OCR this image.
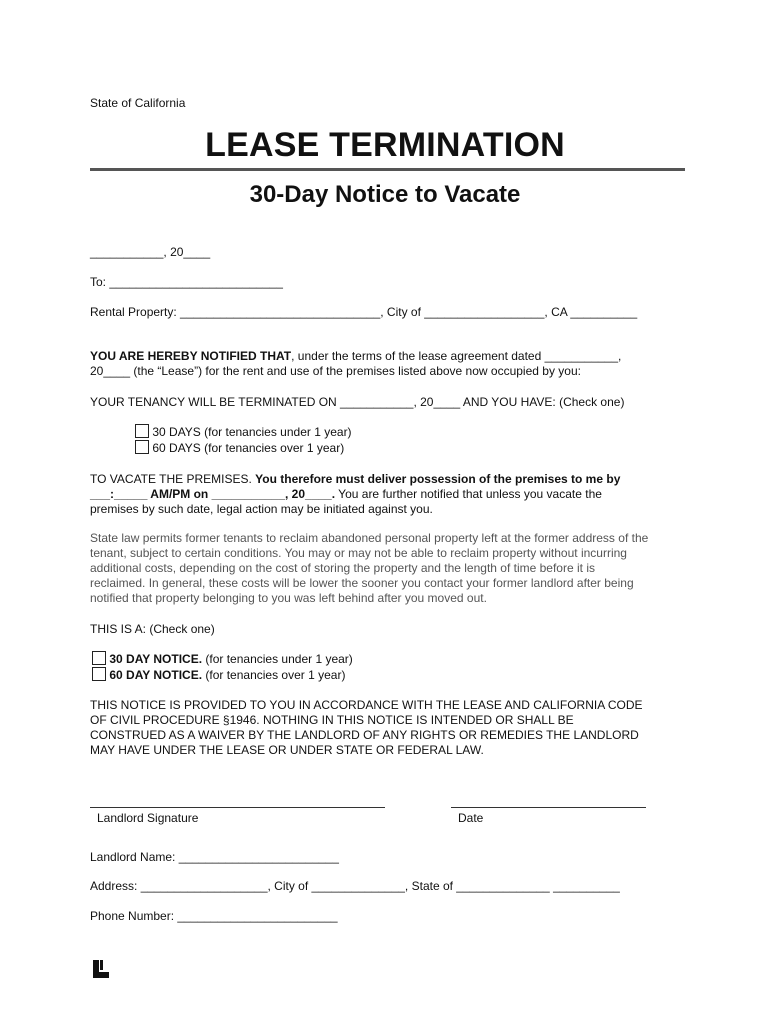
State of California
LEASE TERMINATION
30-Day Notice to Vacate
___________, 20____
To: __________________________
Rental Property: ______________________________, City of __________________, CA __________
YOU ARE HEREBY NOTIFIED THAT, under the terms of the lease agreement dated ___________,
20____ (the “Lease”) for the rent and use of the premises listed above now occupied by you:
YOUR TENANCY WILL BE TERMINATED ON ___________, 20____ AND YOU HAVE: (Check one)
30 DAYS (for tenancies under 1 year)
60 DAYS (for tenancies over 1 year)
TO VACATE THE PREMISES. You therefore must deliver possession of the premises to me by
___:_____ AM/PM on ___________, 20____. You are further notified that unless you vacate the
premises by such date, legal action may be initiated against you.
State law permits former tenants to reclaim abandoned personal property left at the former address of the
tenant, subject to certain conditions. You may or may not be able to reclaim property without incurring
additional costs, depending on the cost of storing the property and the length of time before it is
reclaimed. In general, these costs will be lower the sooner you contact your former landlord after being
notified that property belonging to you was left behind after you moved out.
THIS IS A: (Check one)
30 DAY NOTICE. (for tenancies under 1 year)
60 DAY NOTICE. (for tenancies over 1 year)
THIS NOTICE IS PROVIDED TO YOU IN ACCORDANCE WITH THE LEASE AND CALIFORNIA CODE
OF CIVIL PROCEDURE §1946. NOTHING IN THIS NOTICE IS INTENDED OR SHALL BE
CONSTRUED AS A WAIVER BY THE LANDLORD OF ANY RIGHTS OR REMEDIES THE LANDLORD
MAY HAVE UNDER THE LEASE OR UNDER STATE OR FEDERAL LAW.
Landlord Signature	Date
Landlord Name: ________________________
Address: ___________________, City of ______________, State of ______________ __________
Phone Number: ________________________
